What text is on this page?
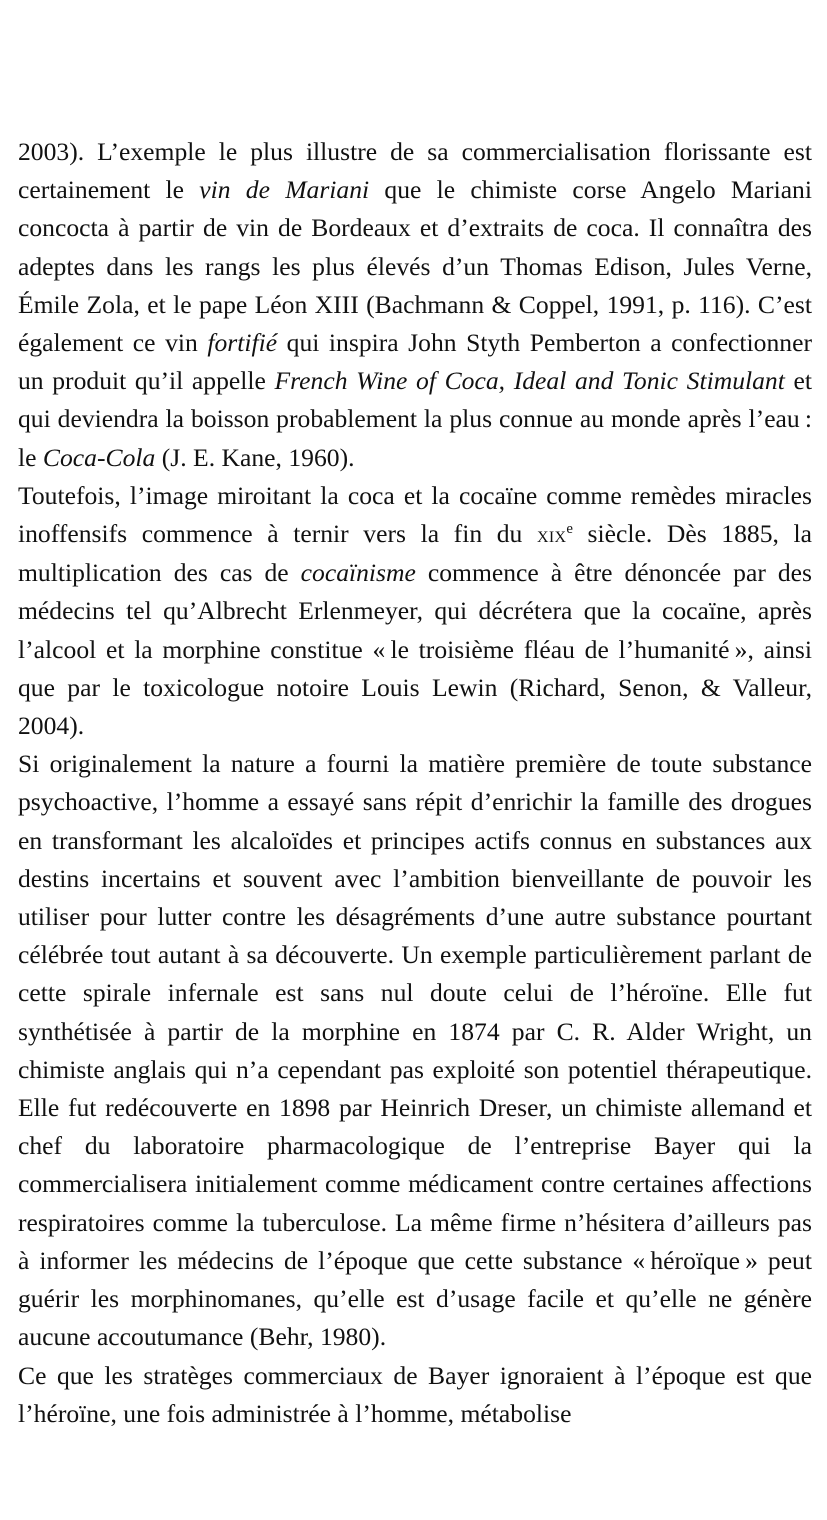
2003). L’exemple le plus illustre de sa commercialisation florissante est certainement le vin de Mariani que le chimiste corse Angelo Mariani concocta à partir de vin de Bordeaux et d’extraits de coca. Il connaîtra des adeptes dans les rangs les plus élevés d’un Thomas Edison, Jules Verne, Émile Zola, et le pape Léon XIII (Bachmann & Coppel, 1991, p. 116). C’est également ce vin fortifié qui inspira John Styth Pemberton a confectionner un produit qu’il appelle French Wine of Coca, Ideal and Tonic Stimulant et qui deviendra la boisson probablement la plus connue au monde après l’eau : le Coca-Cola (J. E. Kane, 1960).

Toutefois, l’image miroitant la coca et la cocaïne comme remèdes miracles inoffensifs commence à ternir vers la fin du xix$^e$ siècle. Dès 1885, la multiplication des cas de cocaïnisme commence à être dénoncée par des médecins tel qu’Albrecht Erlenmeyer, qui décrétera que la cocaïne, après l’alcool et la morphine constitue « le troisième fléau de l’humanité », ainsi que par le toxicologue notoire Louis Lewin (Richard, Senon, & Valleur, 2004).

Si originalement la nature a fourni la matière première de toute substance psychoactive, l’homme a essayé sans répit d’enrichir la famille des drogues en transformant les alcaloïdes et principes actifs connus en substances aux destins incertains et souvent avec l’ambition bienveillante de pouvoir les utiliser pour lutter contre les désagréments d’une autre substance pourtant célébrée tout autant à sa découverte. Un exemple particulièrement parlant de cette spirale infernale est sans nul doute celui de l’héroïne. Elle fut synthétisée à partir de la morphine en 1874 par C. R. Alder Wright, un chimiste anglais qui n’a cependant pas exploité son potentiel thérapeutique. Elle fut redécouverte en 1898 par Heinrich Dreser, un chimiste allemand et chef du laboratoire pharmacologique de l’entreprise Bayer qui la commercialisera initialement comme médicament contre certaines affections respiratoires comme la tuberculose. La même firme n’hésitera d’ailleurs pas à informer les médecins de l’époque que cette substance « héroïque » peut guérir les morphinomanes, qu’elle est d’usage facile et qu’elle ne génère aucune accoutumance (Behr, 1980).

Ce que les stratèges commerciaux de Bayer ignoraient à l’époque est que l’héroïne, une fois administrée à l’homme, métabolise
